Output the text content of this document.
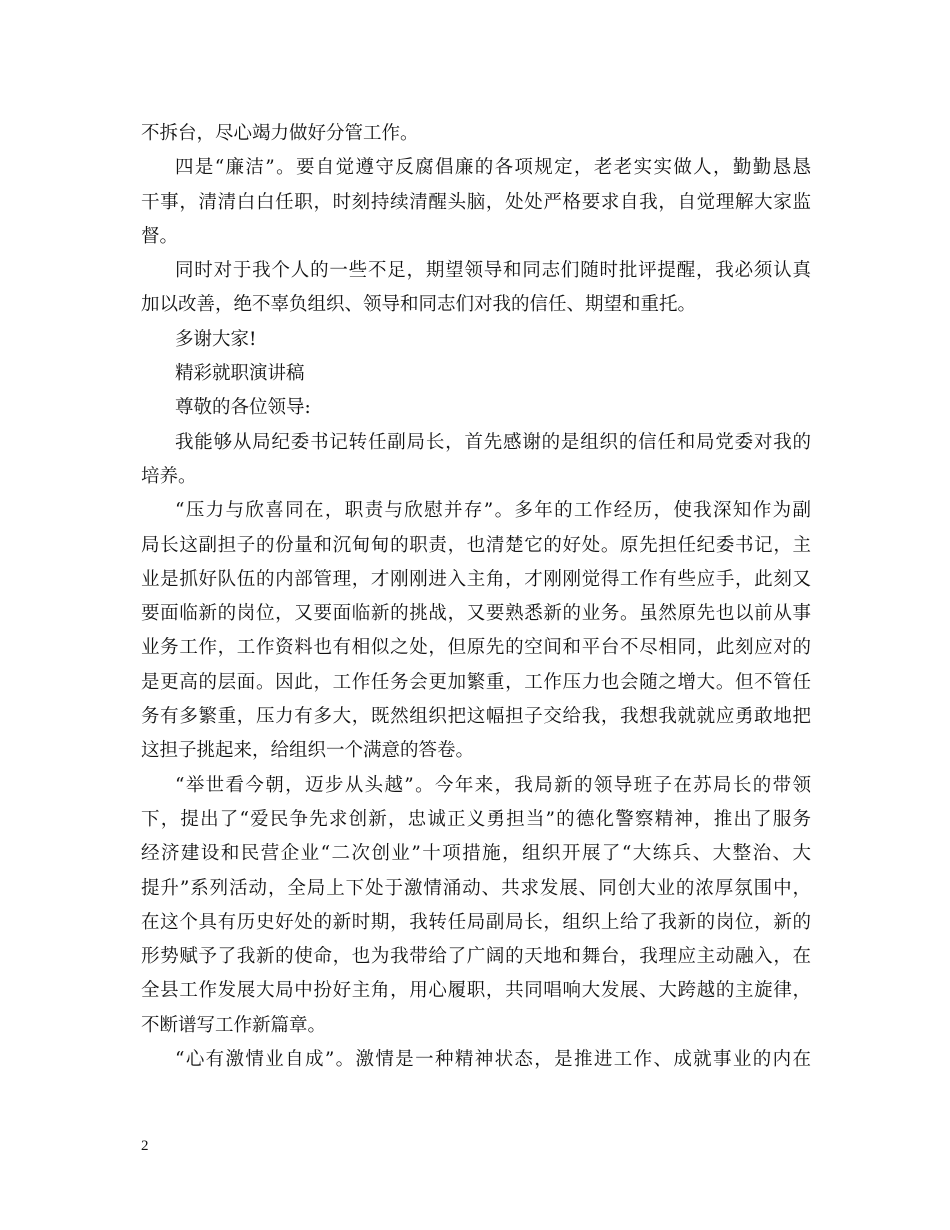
不拆台，尽心竭力做好分管工作。
四是“廉洁”。要自觉遵守反腐倡廉的各项规定，老老实实做人，勤勤恳恳
干事，清清白白任职，时刻持续清醒头脑，处处严格要求自我，自觉理解大家监
督。
同时对于我个人的一些不足，期望领导和同志们随时批评提醒，我必须认真
加以改善，绝不辜负组织、领导和同志们对我的信任、期望和重托。
多谢大家!
精彩就职演讲稿
尊敬的各位领导:
我能够从局纪委书记转任副局长，首先感谢的是组织的信任和局党委对我的
培养。
“压力与欣喜同在，职责与欣慰并存”。多年的工作经历，使我深知作为副
局长这副担子的份量和沉甸甸的职责，也清楚它的好处。原先担任纪委书记，主
业是抓好队伍的内部管理，才刚刚进入主角，才刚刚觉得工作有些应手，此刻又
要面临新的岗位，又要面临新的挑战，又要熟悉新的业务。虽然原先也以前从事
业务工作，工作资料也有相似之处，但原先的空间和平台不尽相同，此刻应对的
是更高的层面。因此，工作任务会更加繁重，工作压力也会随之增大。但不管任
务有多繁重，压力有多大，既然组织把这幅担子交给我，我想我就就应勇敢地把
这担子挑起来，给组织一个满意的答卷。
“举世看今朝，迈步从头越”。今年来，我局新的领导班子在苏局长的带领
下，提出了“爱民争先求创新，忠诚正义勇担当”的德化警察精神，推出了服务
经济建设和民营企业“二次创业”十项措施，组织开展了“大练兵、大整治、大
提升”系列活动，全局上下处于激情涌动、共求发展、同创大业的浓厚氛围中，
在这个具有历史好处的新时期，我转任局副局长，组织上给了我新的岗位，新的
形势赋予了我新的使命，也为我带给了广阔的天地和舞台，我理应主动融入，在
全县工作发展大局中扮好主角，用心履职，共同唱响大发展、大跨越的主旋律，
不断谱写工作新篇章。
“心有激情业自成”。激情是一种精神状态，是推进工作、成就事业的内在
2
